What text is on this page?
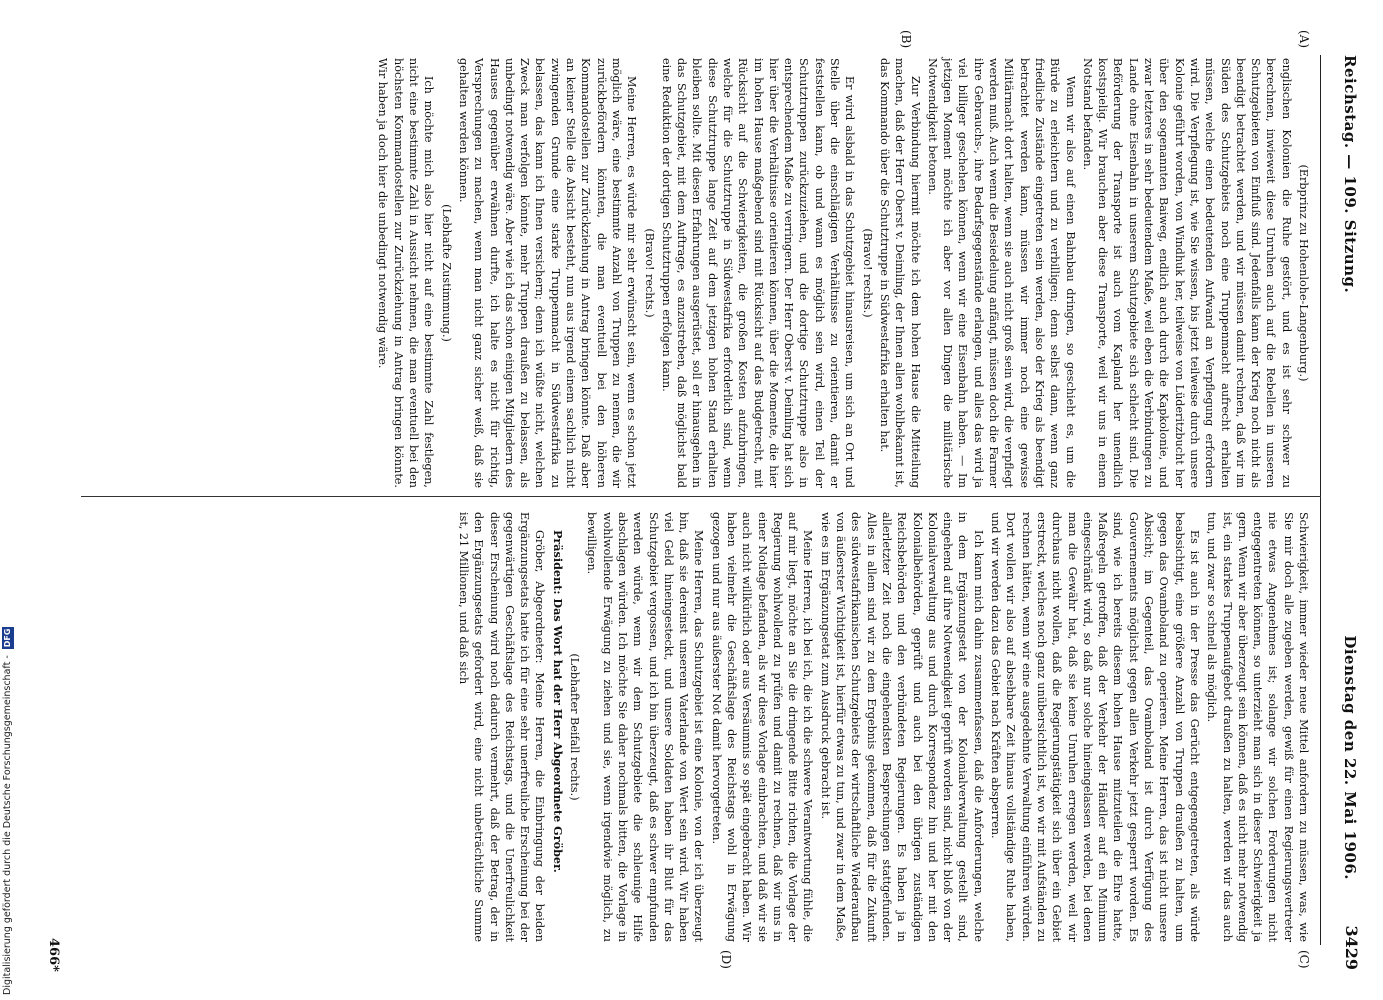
Reichstag. — 109. Sitzung.
Dienstag den 22. Mai 1906.
3429
(A)
(B)
(C)
(D)

(Erbprinz zu Hohenlohe-Langenburg.)

englischen Kolonien die Ruhe gestört, und es ist sehr schwer zu berechnen, inwieweit diese Unruhen auch auf die Rebellen in unseren Schutzgebieten von Einfluß sind. Jedenfalls kann der Krieg noch nicht als beendigt betrachtet werden, und wir müssen damit rechnen, daß wir im Süden des Schutzgebiets noch eine Truppenmacht aufrecht erhalten müssen, welche einen bedeutenden Aufwand an Verpflegung erfordern wird. Die Verpflegung ist, wie Sie wissen, bis jetzt teilweise durch unsere Kolonie geführt worden, von Windhuk her, teilweise von Lüderitzbucht her über den sogenannten Baiweg, endlich auch durch die Kapkolonie, und zwar letzteres in sehr bedeutendem Maße, weil eben die Verbindungen zu Lande ohne Eisenbahn in unserem Schutzgebiete sich schlecht sind. Die Beförderung der Transporte ist auch vom Kapland her unendlich kostspielig. Wir brauchen aber diese Transporte, weil wir uns in einem Notstand befanden.

Wenn wir also auf einen Bahnbau dringen, so geschieht es, um die Bürde zu erleichtern und zu verbilligen; denn selbst dann, wenn ganz friedliche Zustände eingetreten sein werden, also der Krieg als beendigt betrachtet werden kann, müssen wir immer noch eine gewisse Militärmacht dort halten, wenn sie auch nicht groß sein wird, die verpflegt werden muß. Auch wenn die Besiedelung anfängt, müssen doch die Farmer ihre Gebrauchs-, ihre Bedarfsgegenstände erlangen, und alles das wird ja viel billiger geschehen können, wenn wir eine Eisenbahn haben. — Im jetzigen Moment möchte ich aber vor allen Dingen die militärische Notwendigkeit betonen.

Zur Verbindung hiermit möchte ich dem hohen Hause die Mitteilung machen, daß der Herr Oberst v. Deimling, der Ihnen allen wohlbekannt ist, das Kommando über die Schutztruppe in Südwestafrika erhalten hat.

(Bravo! rechts.)

Er wird alsbald in das Schutzgebiet hinausreisen, um sich an Ort und Stelle über die einschlägigen Verhältnisse zu orientieren, damit er feststellen kann, ob und wann es möglich sein wird, einen Teil der Schutztruppen zurückzuziehen, und die dortige Schutztruppe also in entsprechendem Maße zu verringern. Der Herr Oberst v. Deimling hat sich hier über die Verhältnisse orientieren können, über die Momente, die hier im hohen Hause maßgebend sind mit Rücksicht auf das Budgetrecht, mit Rücksicht auf die Schwierigkeiten, die großen Kosten aufzubringen, welche für die Schutztruppe in Südwestafrika erforderlich sind, wenn diese Schutztruppe lange Zeit auf dem jetzigen hohen Stand erhalten bleiben sollte. Mit diesen Erfahrungen ausgerüstet, soll er hinausgehen in das Schutzgebiet, mit dem Auftrage, es anzustreben, daß möglichst bald eine Reduktion der dortigen Schutztruppen erfolgen kann.

(Bravo! rechts.)

Meine Herren, es würde mir sehr erwünscht sein, wenn es schon jetzt möglich wäre, eine bestimmte Anzahl von Truppen zu nennen, die wir zurückbefördern könnten, die man eventuell bei den höheren Kommandostellen zur Zurückziehung in Antrag bringen könnte. Daß aber an keiner Stelle die Absicht besteht, nun aus irgend einem sachlich nicht zwingenden Grunde eine starke Truppenmacht in Südwestafrika zu belassen, das kann ich Ihnen versichern; denn ich wüßte nicht, welchen Zweck man verfolgen könnte, mehr Truppen draußen zu belassen, als unbedingt notwendig wäre. Aber wie ich das schon einigen Mitgliedern des Hauses gegenüber erwähnen durfte, ich halte es nicht für richtig, Versprechungen zu machen, wenn man nicht ganz sicher weiß, daß sie gehalten werden können.

(Lebhafte Zustimmung.)

Ich möchte mich also hier nicht auf eine bestimmte Zahl festlegen, nicht eine bestimmte Zahl in Aussicht nehmen, die man eventuell bei den höchsten Kommandostellen zur Zurückziehung in Antrag bringen könnte. Wir haben ja doch hier die unbedingt notwendig wäre.

Schwierigkeit, immer wieder neue Mittel anfordern zu müssen, was, wie Sie mir doch alle zugeben werden, gewiß für einen Regierungsvertreter nie etwas Angenehmes ist; solange wir solchen Forderungen nicht entgegentreten können, so unterzieht man sich in dieser Schwierigkeit ja gern. Wenn wir aber überzeugt sein können, daß es nicht mehr notwendig ist, ein starkes Truppenaufgebot draußen zu halten, werden wir das auch tun, und zwar so schnell als möglich.

Es ist auch in der Presse das Gerücht entgegengetreten, als würde beabsichtigt, eine größere Anzahl von Truppen draußen zu halten, um gegen das Ovamboland zu operieren. Meine Herren, das ist nicht unsere Absicht; im Gegenteil, das Ovamboland ist durch Verfügung des Gouvernements möglichst gegen allen Verkehr jetzt gesperrt worden. Es sind, wie ich bereits diesem hohen Hause mitzuteilen die Ehre hatte, Maßregeln getroffen, daß der Verkehr der Händler auf ein Minimum eingeschränkt wird, so daß nur solche hineingelassen werden, bei denen man die Gewähr hat, daß sie keine Unruhen erregen werden, weil wir durchaus nicht wollen, daß die Regierungstätigkeit sich über ein Gebiet erstreckt, welches noch ganz unübersichtlich ist, wo wir mit Aufständen zu rechnen hätten, wenn wir eine ausgedehnte Verwaltung einführen würden. Dort wollen wir also auf absehbare Zeit hinaus vollständige Ruhe haben, und wir werden dazu das Gebiet nach Kräften absperren.

Ich kann mich dahin zusammenfassen, daß die Anforderungen, welche in dem Ergänzungsetat von der Kolonialverwaltung gestellt sind, eingehend auf ihre Notwendigkeit geprüft worden sind, nicht bloß von der Kolonialverwaltung aus und durch Korrespondenz hin und her mit den Kolonialbehörden, geprüft und auch bei den übrigen zuständigen Reichsbehörden und den verbündeten Regierungen. Es haben ja in allerletzter Zeit noch die eingehendsten Besprechungen stattgefunden. Alles in allem sind wir zu dem Ergebnis gekommen, daß für die Zukunft des südwestafrikanischen Schutzgebiets der wirtschaftliche Wiederaufbau von äußerster Wichtigkeit ist, hierfür etwas zu tun, und zwar in dem Maße, wie es im Ergänzungsetat zum Ausdruck gebracht ist.

Meine Herren, ich bei ich, die ich die schwere Verantwortung fühle, die auf mir liegt, möchte an Sie die dringende Bitte richten, die Vorlage der Regierung wohlwollend zu prüfen und damit zu rechnen, daß wir uns in einer Notlage befanden, als wir diese Vorlage einbrachten, und daß wir sie auch nicht willkürlich oder aus Versäumnis so spät eingebracht haben. Wir haben vielmehr die Geschäftslage des Reichstags wohl in Erwägung gezogen und nur aus äußerster Not damit hervorgetreten.

Meine Herren, das Schutzgebiet ist eine Kolonie, von der ich überzeugt bin, daß sie dereinst unserem Vaterlande von Wert sein wird. Wir haben viel Geld hineingesteckt, und unsere Soldaten haben ihr Blut für das Schutzgebiet vergossen, und ich bin überzeugt, daß es schwer empfunden werden würde, wenn wir dem Schutzgebiete die schleunige Hilfe abschlagen würden. Ich möchte Sie daher nochmals bitten, die Vorlage in wohlwollende Erwägung zu ziehen und sie, wenn irgendwie möglich, zu bewilligen.

(Lebhafter Beifall rechts.)

Präsident: Das Wort hat der Herr Abgeordnete Gröber.

Gröber, Abgeordneter: Meine Herren, die Einbringung der beiden Ergänzungsetats hatte ich für eine sehr unerfreuliche Erscheinung bei der gegenwärtigen Geschäftslage des Reichstags, und die Unerfreulichkeit dieser Erscheinung wird noch dadurch vermehrt, daß der Betrag, der in den Ergänzungsetats gefordert wird, eine nicht unbeträchtliche Summe ist, 21 Millionen, und daß sich

466*
Digitalisierung gefördert durch die Deutsche Forschungsgemeinschaft - DFG
